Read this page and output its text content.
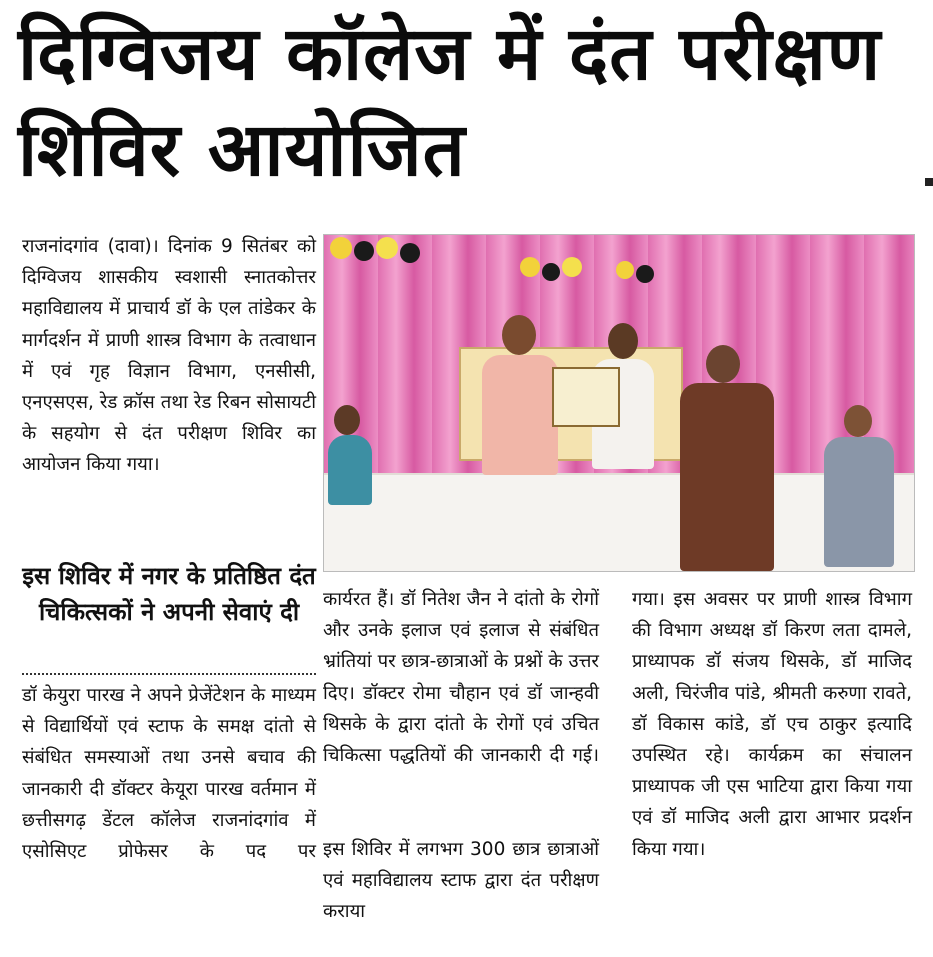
दिग्विजय कॉलेज में दंत परीक्षण शिविर आयोजित

राजनांदगांव (दावा)। दिनांक 9 सितंबर को दिग्विजय शासकीय स्वशासी स्नातकोत्तर महाविद्यालय में प्राचार्य डॉ के एल तांडेकर के मार्गदर्शन में प्राणी शास्त्र विभाग के तत्वाधान में एवं गृह विज्ञान विभाग, एनसीसी, एनएसएस, रेड क्रॉस तथा रेड रिबन सोसायटी के सहयोग से दंत परीक्षण शिविर का आयोजन किया गया।

इस शिविर में नगर के प्रतिष्ठित दंत चिकित्सकों ने अपनी सेवाएं दी

डॉ केयुरा पारख ने अपने प्रेजेंटेशन के माध्यम से विद्यार्थियों एवं स्टाफ के समक्ष दांतो से संबंधित समस्याओं तथा उनसे बचाव की जानकारी दी डॉक्टर केयूरा पारख वर्तमान में छत्तीसगढ़ डेंटल कॉलेज राजनांदगांव में एसोसिएट प्रोफेसर के पद पर

कार्यरत हैं। डॉ नितेश जैन ने दांतो के रोगों और उनके इलाज एवं इलाज से संबंधित भ्रांतियां पर छात्र-छात्राओं के प्रश्नों के उत्तर दिए। डॉक्टर रोमा चौहान एवं डॉ जान्हवी थिसके के द्वारा दांतो के रोगों एवं उचित चिकित्सा पद्धतियों की जानकारी दी गई।

इस शिविर में लगभग 300 छात्र छात्राओं एवं महाविद्यालय स्टाफ द्वारा दंत परीक्षण कराया

गया। इस अवसर पर प्राणी शास्त्र विभाग की विभाग अध्यक्ष डॉ किरण लता दामले, प्राध्यापक डॉ संजय थिसके, डॉ माजिद अली, चिरंजीव पांडे, श्रीमती करुणा रावते, डॉ विकास कांडे, डॉ एच ठाकुर इत्यादि उपस्थित रहे। कार्यक्रम का संचालन प्राध्यापक जी एस भाटिया द्वारा किया गया एवं डॉ माजिद अली द्वारा आभार प्रदर्शन किया गया।
